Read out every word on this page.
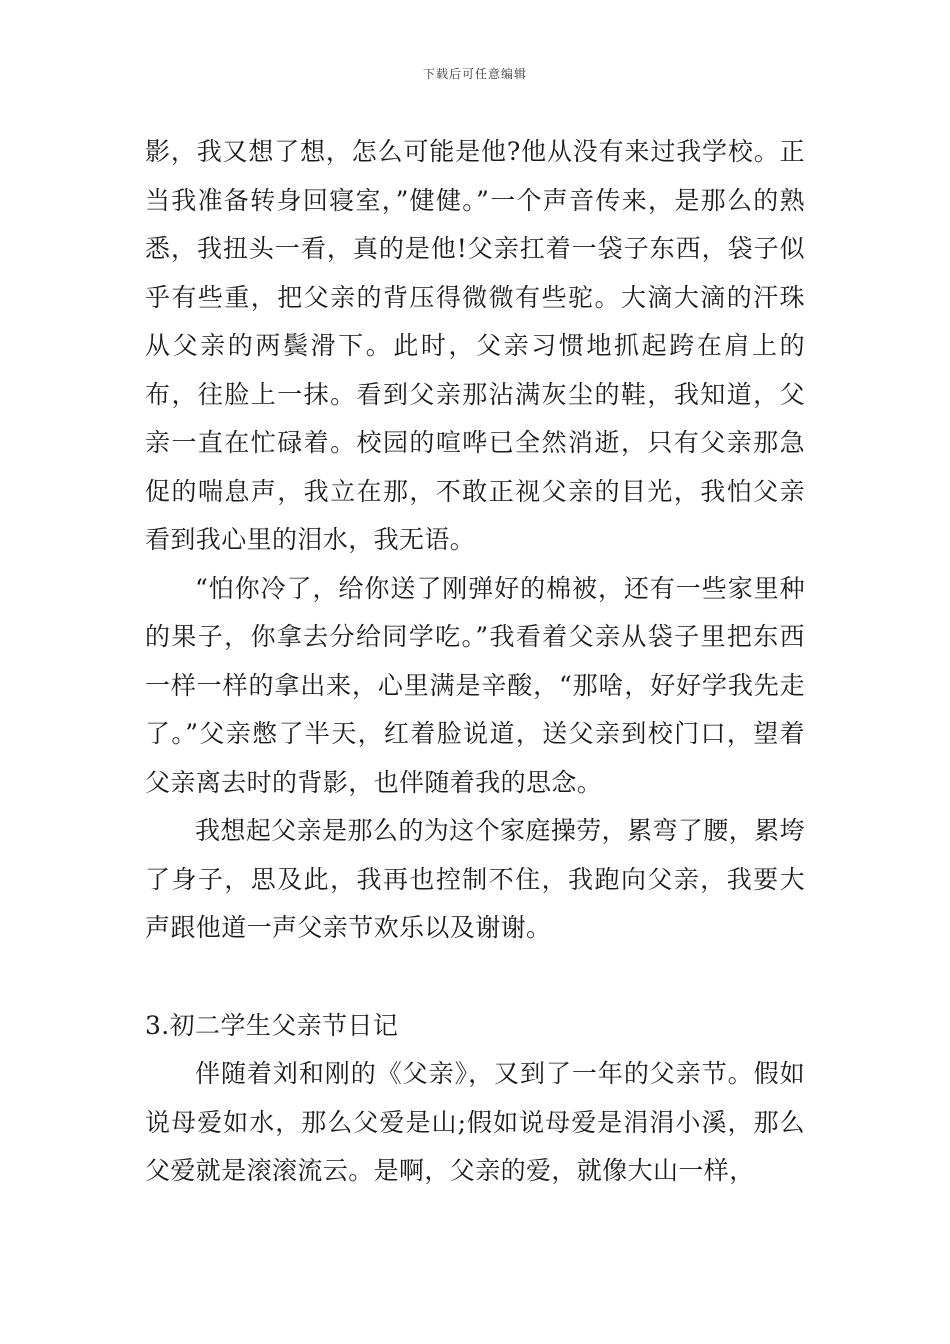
下载后可任意编辑

影，我又想了想，怎么可能是他?他从没有来过我学校。正当我准备转身回寝室，”健健。”一个声音传来，是那么的熟悉，我扭头一看，真的是他!父亲扛着一袋子东西，袋子似乎有些重，把父亲的背压得微微有些驼。大滴大滴的汗珠从父亲的两鬓滑下。此时，父亲习惯地抓起跨在肩上的布，往脸上一抹。看到父亲那沾满灰尘的鞋，我知道，父亲一直在忙碌着。校园的喧哗已全然消逝，只有父亲那急促的喘息声，我立在那，不敢正视父亲的目光，我怕父亲看到我心里的泪水，我无语。

“怕你冷了，给你送了刚弹好的棉被，还有一些家里种的果子，你拿去分给同学吃。”我看着父亲从袋子里把东西一样一样的拿出来，心里满是辛酸，“那啥，好好学我先走了。”父亲憋了半天，红着脸说道，送父亲到校门口，望着父亲离去时的背影，也伴随着我的思念。

我想起父亲是那么的为这个家庭操劳，累弯了腰，累垮了身子，思及此，我再也控制不住，我跑向父亲，我要大声跟他道一声父亲节欢乐以及谢谢。

3.初二学生父亲节日记

伴随着刘和刚的《父亲》，又到了一年的父亲节。假如说母爱如水，那么父爱是山;假如说母爱是涓涓小溪，那么父爱就是滚滚流云。是啊，父亲的爱，就像大山一样，
